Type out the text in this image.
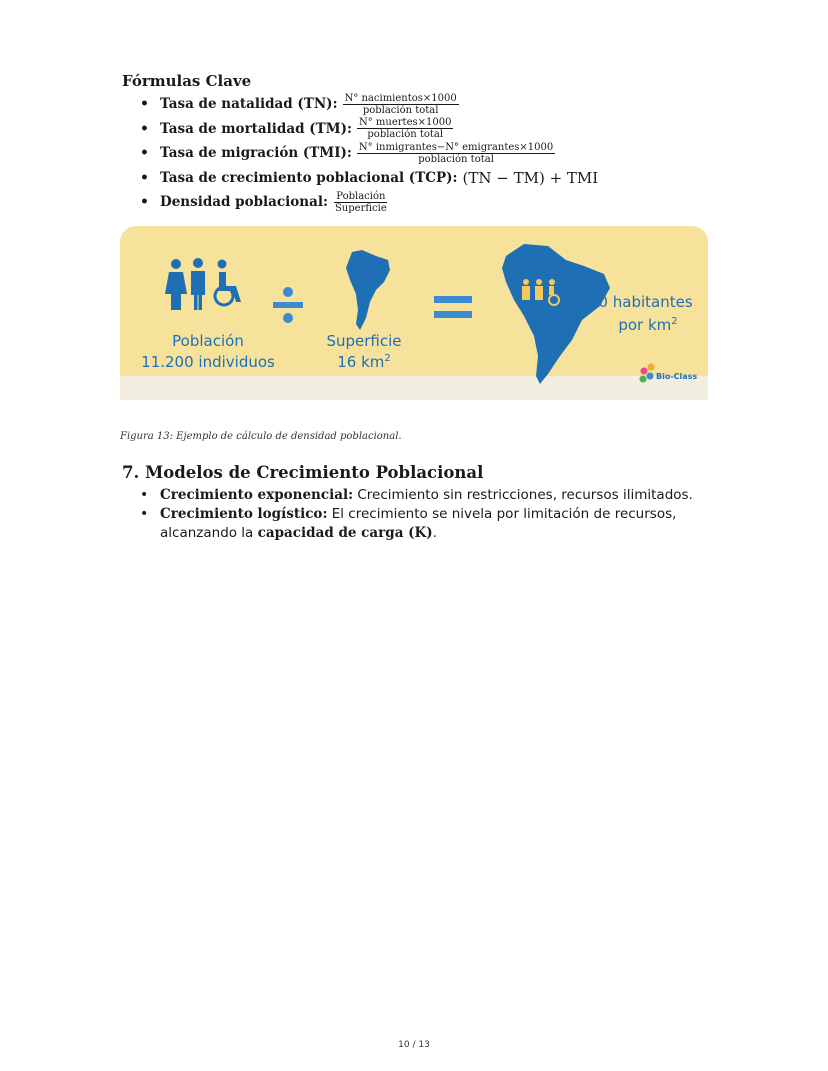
Fórmulas Clave
• Tasa de natalidad (TN): $\frac{\text{N° nacimientos×1000}}{\text{población total}}$
• Tasa de mortalidad (TM): $\frac{\text{N° muertes×1000}}{\text{población total}}$
• Tasa de migración (TMI): $\frac{\text{N° inmigrantes−N° emigrantes×1000}}{\text{población total}}$
• Tasa de crecimiento poblacional (TCP): (TN − TM) + TMI
• Densidad poblacional: $\frac{\text{Población}}{\text{Superficie}}$
Población
11.200 individuos
Superficie
16 $km^2$
700 habitantes
por $km^2$
Bio-Class
Figura 13: Ejemplo de cálculo de densidad poblacional.
7. Modelos de Crecimiento Poblacional
• Crecimiento exponencial: Crecimiento sin restricciones, recursos ilimitados.
• Crecimiento logístico: El crecimiento se nivela por limitación de recursos, alcanzando la capacidad de carga (K).
10 / 13
